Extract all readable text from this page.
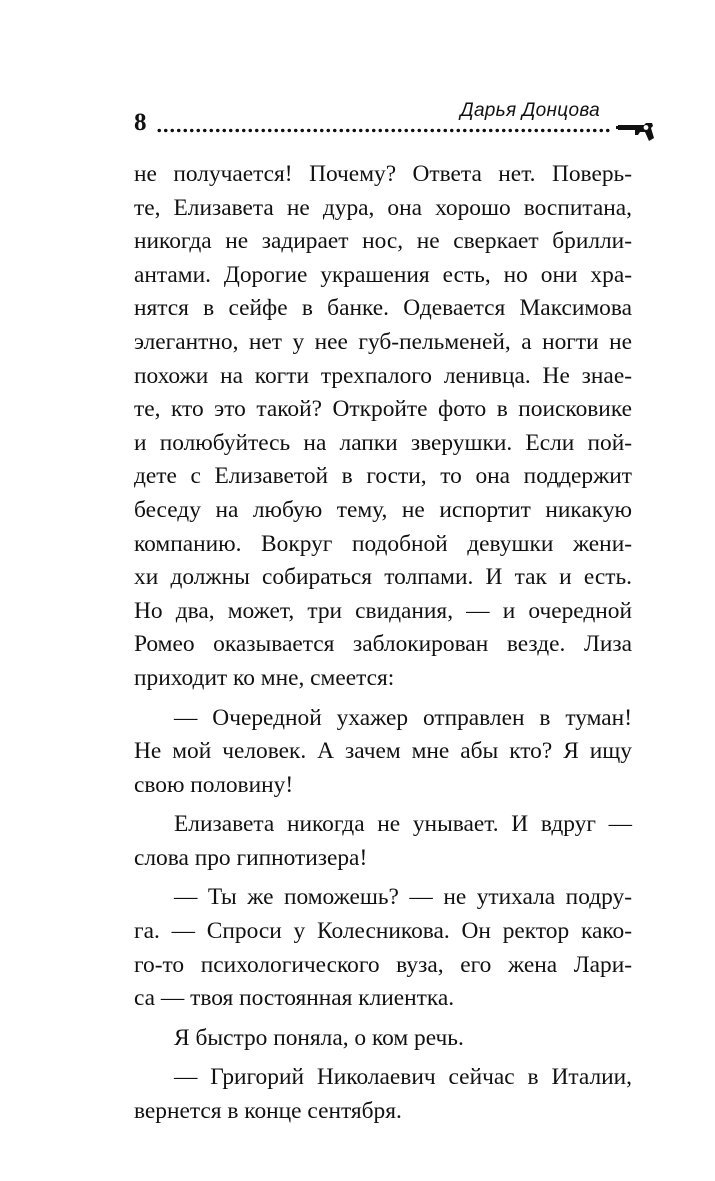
8	Дарья Донцова
не получается! Почему? Ответа нет. Поверь-
те, Елизавета не дура, она хорошо воспитана,
никогда не задирает нос, не сверкает брилли-
антами. Дорогие украшения есть, но они хра-
нятся в сейфе в банке. Одевается Максимова
элегантно, нет у нее губ-пельменей, а ногти не
похожи на когти трехпалого ленивца. Не знае-
те, кто это такой? Откройте фото в поисковике
и полюбуйтесь на лапки зверушки. Если пой-
дете с Елизаветой в гости, то она поддержит
беседу на любую тему, не испортит никакую
компанию. Вокруг подобной девушки жени-
хи должны собираться толпами. И так и есть.
Но два, может, три свидания, — и очередной
Ромео оказывается заблокирован везде. Лиза
приходит ко мне, смеется:
— Очередной ухажер отправлен в туман!
Не мой человек. А зачем мне абы кто? Я ищу
свою половину!
Елизавета никогда не унывает. И вдруг —
слова про гипнотизера!
— Ты же поможешь? — не утихала подру-
га. — Спроси у Колесникова. Он ректор како-
го-то психологического вуза, его жена Лари-
са — твоя постоянная клиентка.
Я быстро поняла, о ком речь.
— Григорий Николаевич сейчас в Италии,
вернется в конце сентября.
